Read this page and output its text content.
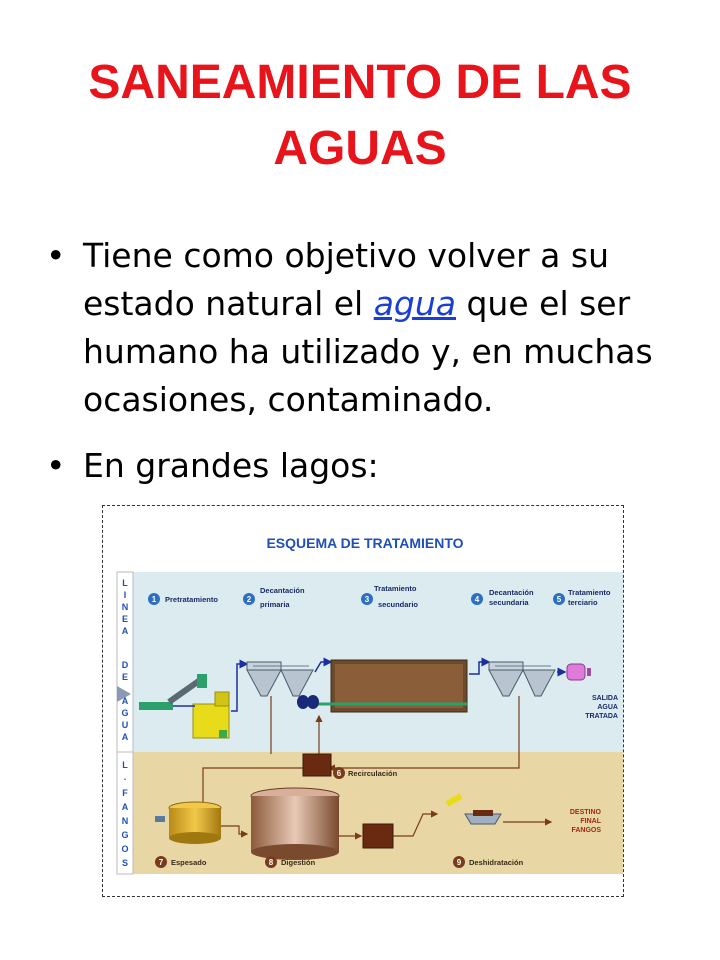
SANEAMIENTO DE LAS
AGUAS
• Tiene como objetivo volver a su estado natural el agua que el ser humano ha utilizado y, en muchas ocasiones, contaminado.
• En grandes lagos:
ESQUEMA DE TRATAMIENTO
L
I
N
E
A
D
E
A
G
U
A
L
.
F
A
N
G
O
S
1 Pretratamiento	2
Decantación
primaria
3
Tratamiento
secundario
4
Decantación
secundaria	5
Tratamiento
terciario
SALIDA
AGUA
TRATADA
6 Recirculación
DESTINO
FINAL
FANGOS
7 Espesado	8 Digestión	9 Deshidratación
